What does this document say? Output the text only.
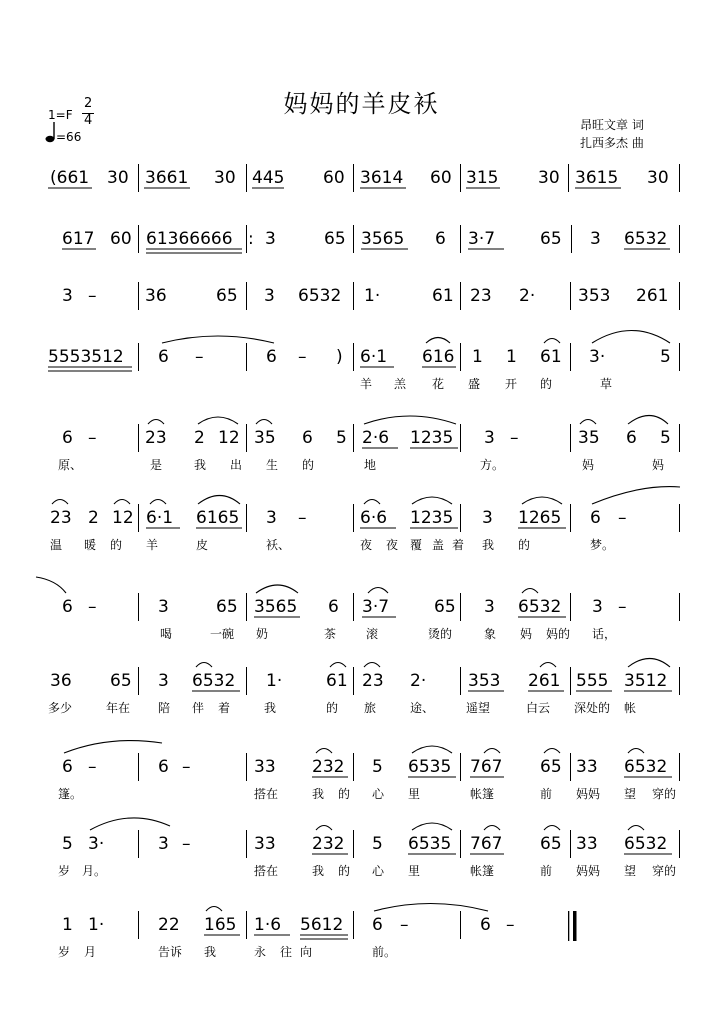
妈妈的羊皮袄
1=F
2
4
=66
昂旺文章 词
扎西多杰 曲
(661 30 3661 30 445 60 3614 60 315 30 3615 30
617 60 61366666 : 3	65 3565 6 3·7	65 3 6532
3 –	36	65 3 6532 1·	61 23 2·	353 261
5553512 6 –	6 – ) 6·1 616 1 1 61 3·	5
羊 羔 花 盛 开 的	草
6 –	23 2 12 35 6 5 2·6 1235 3 –	35 6 5
原、	是	我 出 生 的	地	方。	妈	妈
23 2 12 6·1 6165 3 –	6·6 1235 3 1265 6 –
温 暖 的 羊	皮	袄、	夜 夜 覆 盖 着 我 的	梦。
6 –	3	65 3565 6 3·7	65 3 6532 3 –
喝	一碗 奶	茶 滚	烫的	象 妈 妈的 话，
36 65 3 6532 1·	61 23 2· 353 261 555 3512
多少	年在 陪 伴 着	我	的 旅	途、	遥望	白云 深处的 帐
6 –	6 –	33 232 5 6535 767 65 33 6532
篷。	搭在	我 的 心 里	帐篷	前 妈妈 望 穿的
5 3·	3 –	33 232 5 6535 767 65 33 6532
岁 月。	搭在	我 的 心 里	帐篷	前 妈妈 望 穿的
1 1·	22 165 1·6 5612 6 –	6 –
岁 月	告诉 我	永 往 向	前。
